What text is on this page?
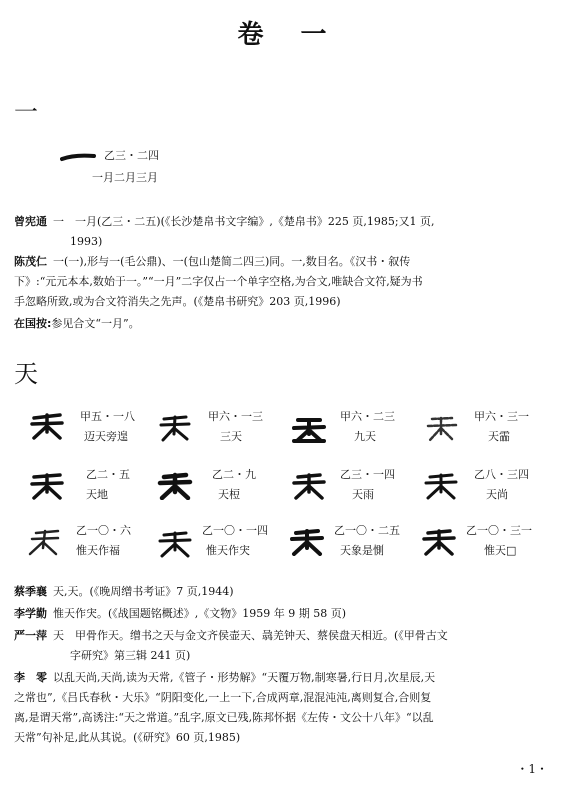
卷 一
一
乙三・二四
一月二月三月
曾宪通 一　一月(乙三・二五)(《长沙楚帛书文字编》,《楚帛书》225 页,1985;又1 页,
1993)
陈茂仁 一(一),形与一(毛公鼎)、一(包山楚简二四三)同。一,数目名。《汉书・叙传
下》:“元元本本,数始于一。”“一月”二字仅占一个单字空格,为合文,唯缺合文符,疑为书
手忽略所致,或为合文符消失之先声。(《楚帛书研究》203 页,1996)
在国按:参见合文“一月”。
天
甲五・一八
迈天旁遑
甲六・一三
三天
甲六・二三
九天
甲六・三一
天霝
乙二・五
天地
乙二・九
天梪
乙三・一四
天雨
乙八・三四
天尚
乙一〇・六
惟天作福
乙一〇・一四
惟天作宊
乙一〇・二五
天象是惻
乙一〇・三一
惟天□
蔡季襄 天,天。(《晚周缯书考证》7 页,1944)
李学勤 惟天作宊。(《战国题铭概述》,《文物》1959 年 9 期 58 页)
严一萍 天　甲骨作天。缯书之天与金文齐侯壶天、骉羌钟天、蔡侯盘天相近。(《甲骨古文
字研究》第三辑 241 页)
李　零 以乱天尚,天尚,读为天常,《管子・形势解》“天覆万物,制寒暑,行日月,次星辰,天
之常也”,《吕氏春秋・大乐》“阴阳变化,一上一下,合成两章,混混沌沌,离则复合,合则复
离,是谓天常”,高诱注:“天之常道。”乱字,原文已残,陈邦怀据《左传・文公十八年》“以乱
天常”句补足,此从其说。(《研究》60 页,1985)
・1・
